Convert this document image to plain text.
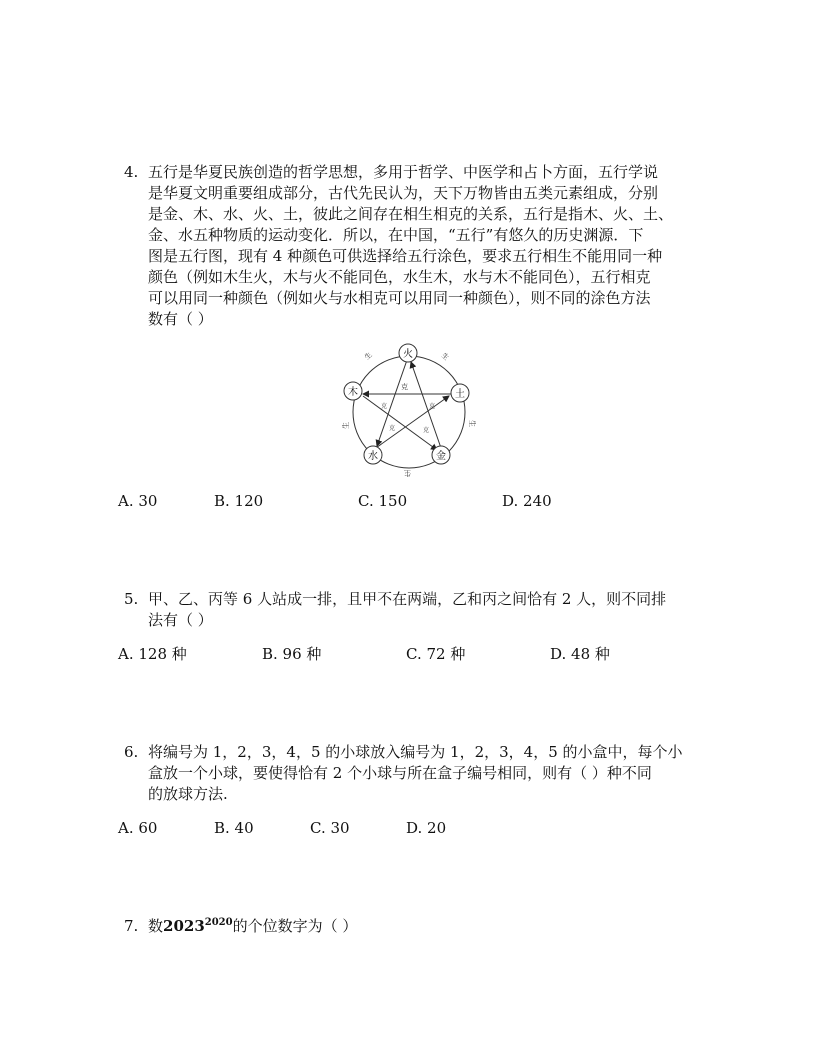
4. 五行是华夏民族创造的哲学思想，多用于哲学、中医学和占卜方面，五行学说
是华夏文明重要组成部分，古代先民认为，天下万物皆由五类元素组成，分别
是金、木、水、火、土，彼此之间存在相生相克的关系，五行是指木、火、土、
金、水五种物质的运动变化．所以，在中国，“五行”有悠久的历史渊源．下
图是五行图，现有 4 种颜色可供选择给五行涂色，要求五行相生不能用同一种
颜色（例如木生火，木与火不能同色，水生木，水与木不能同色），五行相克
可以用同一种颜色（例如火与水相克可以用同一种颜色），则不同的涂色方法
数有（ ）
克
克	克
克	克
生	生
生
生
生
火
土
金
水
木
A. 30	B. 120	C. 150	D. 240
5. 甲、乙、丙等 6 人站成一排，且甲不在两端，乙和丙之间恰有 2 人，则不同排
法有（ ）
A. 128 种	B. 96 种	C. 72 种	D. 48 种
6. 将编号为 1，2，3，4，5 的小球放入编号为 1，2，3，4，5 的小盒中，每个小
盒放一个小球，要使得恰有 2 个小球与所在盒子编号相同，则有（ ）种不同
的放球方法.
A. 60	B. 40	C. 30	D. 20
7. 数$2023^{2020}$的个位数字为（ ）
